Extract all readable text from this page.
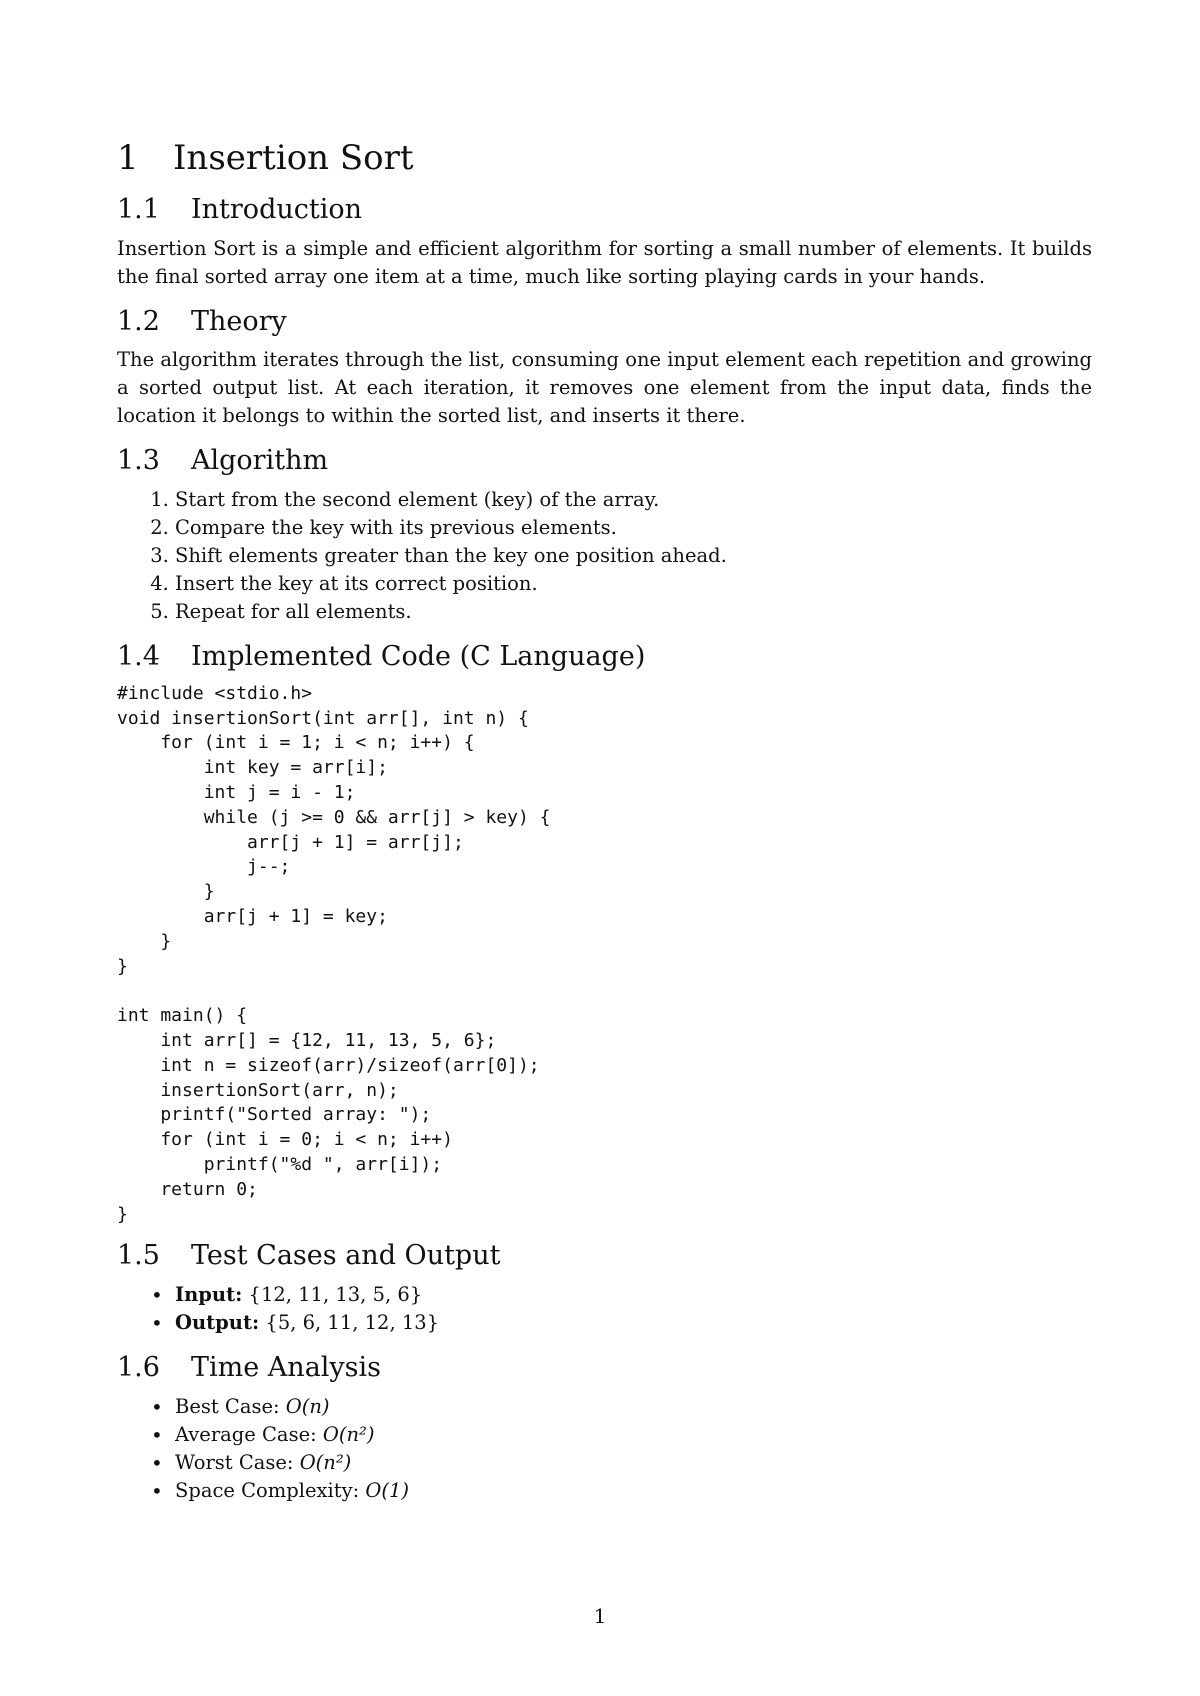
1 Insertion Sort
1.1 Introduction

Insertion Sort is a simple and efficient algorithm for sorting a small number of elements. It builds the final sorted array one item at a time, much like sorting playing cards in your hands.

1.2 Theory

The algorithm iterates through the list, consuming one input element each repetition and growing a sorted output list. At each iteration, it removes one element from the input data, finds the location it belongs to within the sorted list, and inserts it there.

1.3 Algorithm
1. Start from the second element (key) of the array.
2. Compare the key with its previous elements.
3. Shift elements greater than the key one position ahead.
4. Insert the key at its correct position.
5. Repeat for all elements.
1.4 Implemented Code (C Language)
#include <stdio.h>
void insertionSort(int arr[], int n) {
for (int i = 1; i < n; i++) {
int key = arr[i];
int j = i - 1;
while (j >= 0 && arr[j] > key) {
arr[j + 1] = arr[j];
j--;
}
arr[j + 1] = key;
}
}

int main() {
int arr[] = {12, 11, 13, 5, 6};
int n = sizeof(arr)/sizeof(arr[0]);
insertionSort(arr, n);
printf("Sorted array: ");
for (int i = 0; i < n; i++)
printf("%d ", arr[i]);
return 0;
}
1.5 Test Cases and Output
• Input: {12, 11, 13, 5, 6}
• Output: {5, 6, 11, 12, 13}
1.6 Time Analysis
• Best Case: O(n)
• Average Case: O(n²)
• Worst Case: O(n²)
• Space Complexity: O(1)
1
